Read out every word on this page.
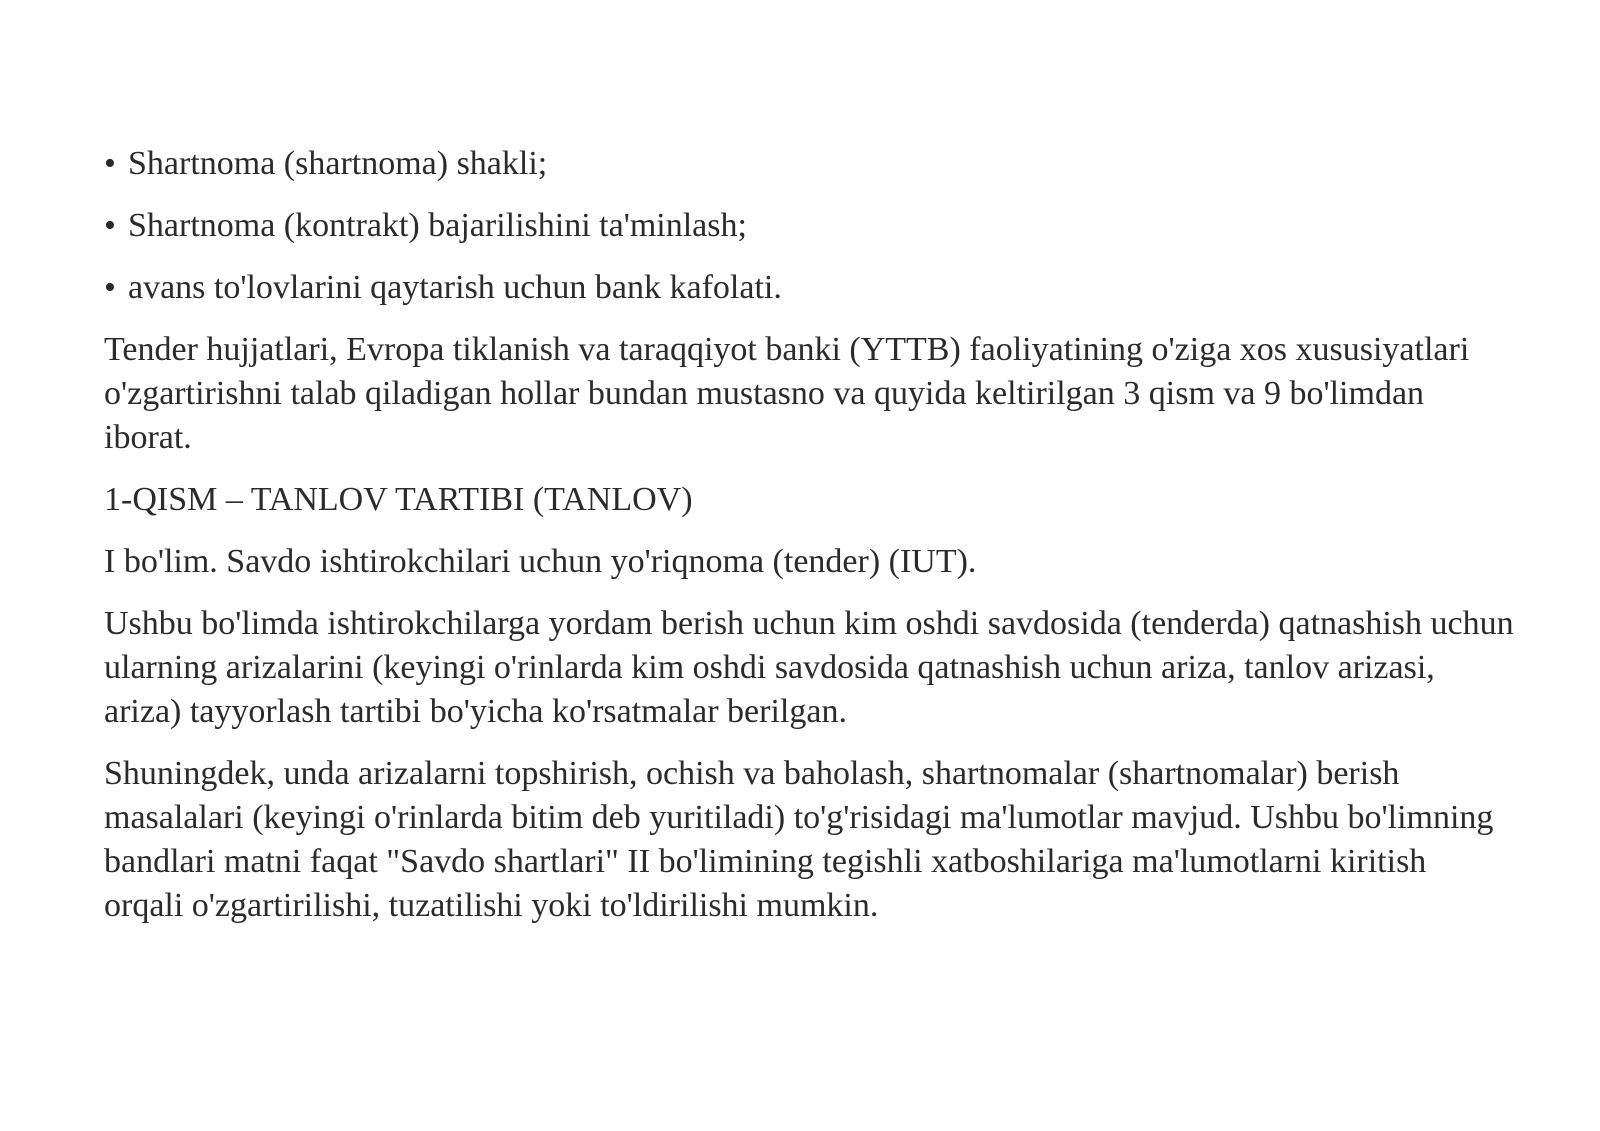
• Shartnoma (shartnoma) shakli;
• Shartnoma (kontrakt) bajarilishini ta'minlash;
• avans to'lovlarini qaytarish uchun bank kafolati.

Tender hujjatlari, Evropa tiklanish va taraqqiyot banki (YTTB) faoliyatining o'ziga xos xususiyatlari o'zgartirishni talab qiladigan hollar bundan mustasno va quyida keltirilgan 3 qism va 9 bo'limdan iborat.

1-QISM – TANLOV TARTIBI (TANLOV)

I bo'lim. Savdo ishtirokchilari uchun yo'riqnoma (tender) (IUT).

Ushbu bo'limda ishtirokchilarga yordam berish uchun kim oshdi savdosida (tenderda) qatnashish uchun ularning arizalarini (keyingi o'rinlarda kim oshdi savdosida qatnashish uchun ariza, tanlov arizasi, ariza) tayyorlash tartibi bo'yicha ko'rsatmalar berilgan.

Shuningdek, unda arizalarni topshirish, ochish va baholash, shartnomalar (shartnomalar) berish masalalari (keyingi o'rinlarda bitim deb yuritiladi) to'g'risidagi ma'lumotlar mavjud. Ushbu bo'limning bandlari matni faqat "Savdo shartlari" II bo'limining tegishli xatboshilariga ma'lumotlarni kiritish orqali o'zgartirilishi, tuzatilishi yoki to'ldirilishi mumkin.
